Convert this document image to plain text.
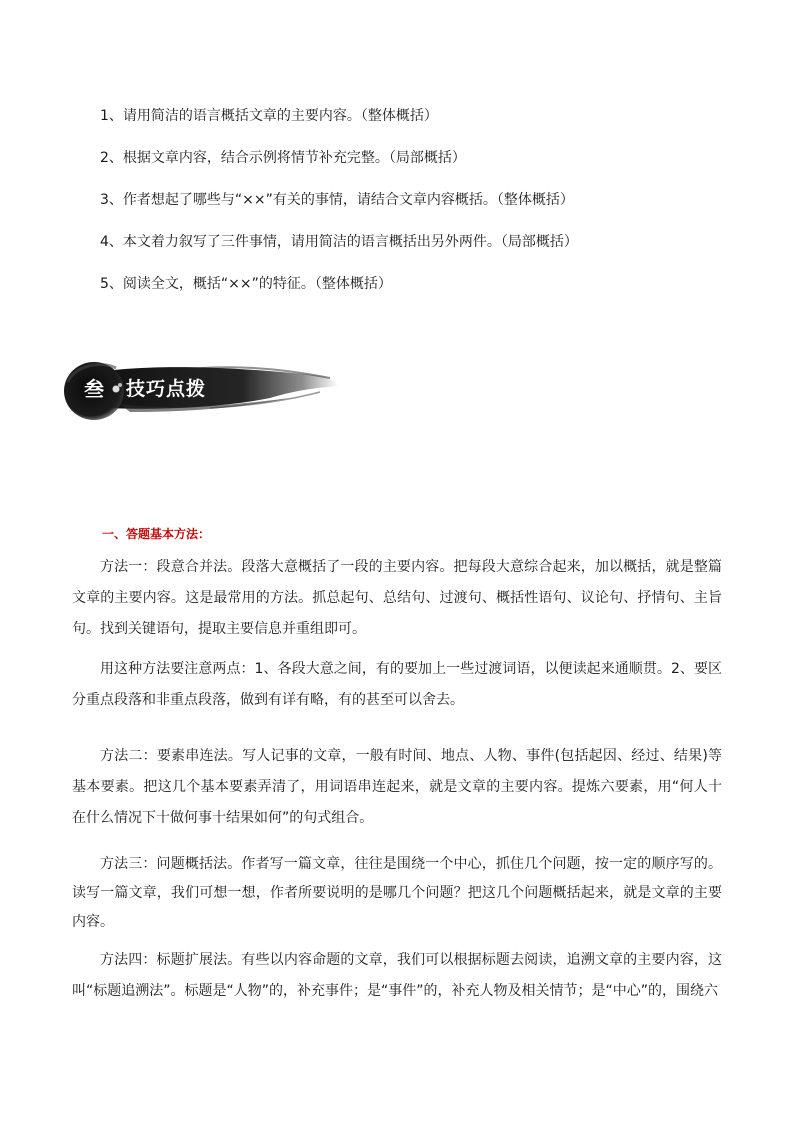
1、请用简洁的语言概括文章的主要内容。（整体概括）
2、根据文章内容，结合示例将情节补充完整。（局部概括）
3、作者想起了哪些与“××”有关的事情，请结合文章内容概括。（整体概括）
4、本文着力叙写了三件事情，请用简洁的语言概括出另外两件。（局部概括）
5、阅读全文，概括“××”的特征。（整体概括）
叁	技巧点拨
一、答题基本方法：

方法一：段意合并法。段落大意概括了一段的主要内容。把每段大意综合起来，加以概括，就是整篇文章的主要内容。这是最常用的方法。抓总起句、总结句、过渡句、概括性语句、议论句、抒情句、主旨句。找到关键语句，提取主要信息并重组即可。

用这种方法要注意两点：1、各段大意之间，有的要加上一些过渡词语，以便读起来通顺贯。2、要区分重点段落和非重点段落，做到有详有略，有的甚至可以舍去。

方法二：要素串连法。写人记事的文章，一般有时间、地点、人物、事件(包括起因、经过、结果)等基本要素。把这几个基本要素弄清了，用词语串连起来，就是文章的主要内容。提炼六要素，用“何人十在什么情况下十做何事十结果如何”的句式组合。

方法三：问题概括法。作者写一篇文章，往往是围绕一个中心，抓住几个问题，按一定的顺序写的。读写一篇文章，我们可想一想，作者所要说明的是哪几个问题？把这几个问题概括起来，就是文章的主要内容。

方法四：标题扩展法。有些以内容命题的文章，我们可以根据标题去阅读，追溯文章的主要内容，这叫“标题追溯法”。标题是“人物”的，补充事件；是“事件”的，补充人物及相关情节；是“中心”的，围绕六
